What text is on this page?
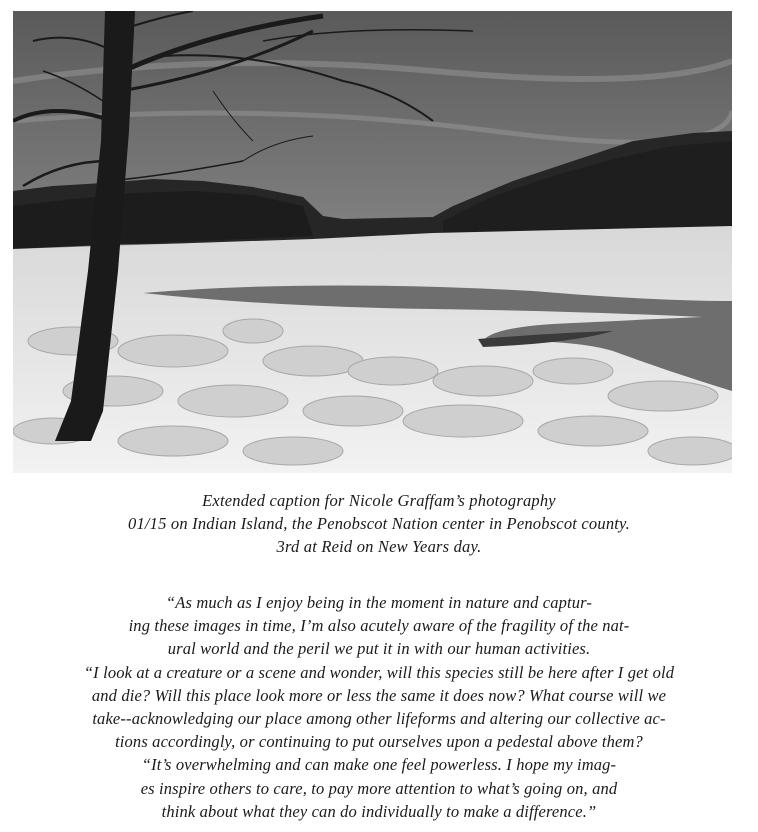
Extended caption for Nicole Graffam’s photography
01/15 on Indian Island, the Penobscot Nation center in Penobscot county.
3rd at Reid on New Years day.
“As much as I enjoy being in the moment in nature and captur-
ing these images in time, I’m also acutely aware of the fragility of the nat-
ural world and the peril we put it in with our human activities.
“I look at a creature or a scene and wonder, will this species still be here after I get old
and die? Will this place look more or less the same it does now? What course will we
take--acknowledging our place among other lifeforms and altering our collective ac-
tions accordingly, or continuing to put ourselves upon a pedestal above them?
“It’s overwhelming and can make one feel powerless. I hope my imag-
es inspire others to care, to pay more attention to what’s going on, and
think about what they can do individually to make a difference.”
